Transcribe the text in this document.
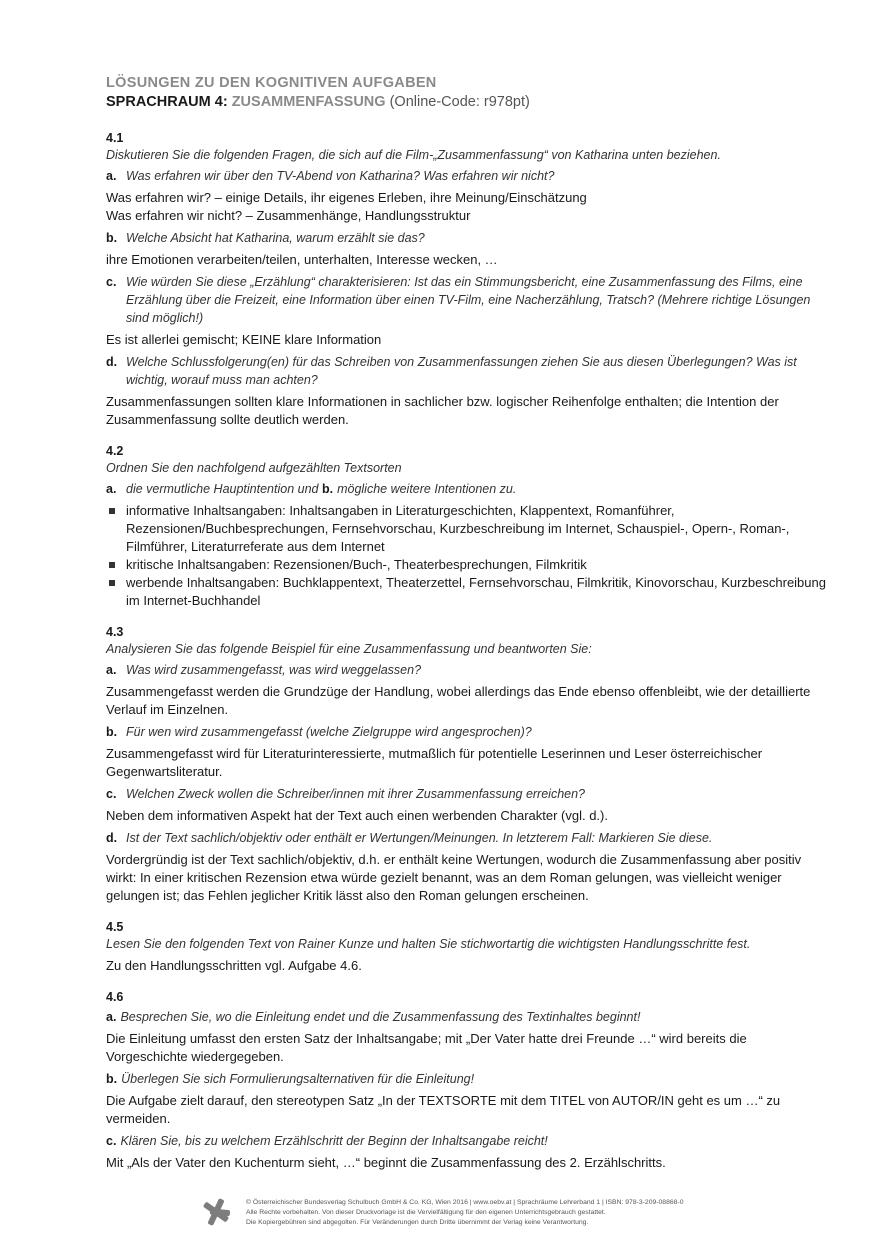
LÖSUNGEN ZU DEN KOGNITIVEN AUFGABEN
SPRACHRAUM 4: ZUSAMMENFASSUNG (Online-Code: r978pt)
4.1
Diskutieren Sie die folgenden Fragen, die sich auf die Film-„Zusammenfassung“ von Katharina unten beziehen.
a. Was erfahren wir über den TV-Abend von Katharina? Was erfahren wir nicht?
Was erfahren wir? – einige Details, ihr eigenes Erleben, ihre Meinung/Einschätzung
Was erfahren wir nicht? – Zusammenhänge, Handlungsstruktur
b. Welche Absicht hat Katharina, warum erzählt sie das?
ihre Emotionen verarbeiten/teilen, unterhalten, Interesse wecken, …
c. Wie würden Sie diese „Erzählung“ charakterisieren: Ist das ein Stimmungsbericht, eine Zusammenfassung des Films, eine Erzählung über die Freizeit, eine Information über einen TV-Film, eine Nacherzählung, Tratsch? (Mehrere richtige Lösungen sind möglich!)
Es ist allerlei gemischt; KEINE klare Information
d. Welche Schlussfolgerung(en) für das Schreiben von Zusammenfassungen ziehen Sie aus diesen Überlegungen? Was ist wichtig, worauf muss man achten?
Zusammenfassungen sollten klare Informationen in sachlicher bzw. logischer Reihenfolge enthalten; die Intention der Zusammenfassung sollte deutlich werden.
4.2
Ordnen Sie den nachfolgend aufgezählten Textsorten
a. die vermutliche Hauptintention und b. mögliche weitere Intentionen zu.
informative Inhaltsangaben: Inhaltsangaben in Literaturgeschichten, Klappentext, Romanführer, Rezensionen/Buchbesprechungen, Fernsehvorschau, Kurzbeschreibung im Internet, Schauspiel-, Opern-, Roman-, Filmführer, Literaturreferate aus dem Internet
kritische Inhaltsangaben: Rezensionen/Buch-, Theaterbesprechungen, Filmkritik
werbende Inhaltsangaben: Buchklappentext, Theaterzettel, Fernsehvorschau, Filmkritik, Kinovorschau, Kurzbeschreibung im Internet-Buchhandel
4.3
Analysieren Sie das folgende Beispiel für eine Zusammenfassung und beantworten Sie:
a. Was wird zusammengefasst, was wird weggelassen?
Zusammengefasst werden die Grundzüge der Handlung, wobei allerdings das Ende ebenso offenbleibt, wie der detaillierte Verlauf im Einzelnen.
b. Für wen wird zusammengefasst (welche Zielgruppe wird angesprochen)?
Zusammengefasst wird für Literaturinteressierte, mutmaßlich für potentielle Leserinnen und Leser österreichischer Gegenwartsliteratur.
c. Welchen Zweck wollen die Schreiber/innen mit ihrer Zusammenfassung erreichen?
Neben dem informativen Aspekt hat der Text auch einen werbenden Charakter (vgl. d.).
d. Ist der Text sachlich/objektiv oder enthält er Wertungen/Meinungen. In letzterem Fall: Markieren Sie diese.
Vordergründig ist der Text sachlich/objektiv, d.h. er enthält keine Wertungen, wodurch die Zusammenfassung aber positiv wirkt: In einer kritischen Rezension etwa würde gezielt benannt, was an dem Roman gelungen, was vielleicht weniger gelungen ist; das Fehlen jeglicher Kritik lässt also den Roman gelungen erscheinen.
4.5
Lesen Sie den folgenden Text von Rainer Kunze und halten Sie stichwortartig die wichtigsten Handlungsschritte fest.
Zu den Handlungsschritten vgl. Aufgabe 4.6.
4.6
a. Besprechen Sie, wo die Einleitung endet und die Zusammenfassung des Textinhaltes beginnt!
Die Einleitung umfasst den ersten Satz der Inhaltsangabe; mit „Der Vater hatte drei Freunde …“ wird bereits die Vorgeschichte wiedergegeben.
b. Überlegen Sie sich Formulierungsalternativen für die Einleitung!
Die Aufgabe zielt darauf, den stereotypen Satz „In der TEXTSORTE mit dem TITEL von AUTOR/IN geht es um …“ zu vermeiden.
c. Klären Sie, bis zu welchem Erzählschritt der Beginn der Inhaltsangabe reicht!
Mit „Als der Vater den Kuchenturm sieht, …“ beginnt die Zusammenfassung des 2. Erzählschritts.
© Österreichischer Bundesverlag Schulbuch GmbH & Co. KG, Wien 2016 | www.oebv.at | Sprachräume Lehrerband 1 | ISBN: 978-3-209-08868-0
Alle Rechte vorbehalten. Von dieser Druckvorlage ist die Vervielfältigung für den eigenen Unterrichtsgebrauch gestattet.
Die Kopiergebühren sind abgegolten. Für Veränderungen durch Dritte übernimmt der Verlag keine Verantwortung.
